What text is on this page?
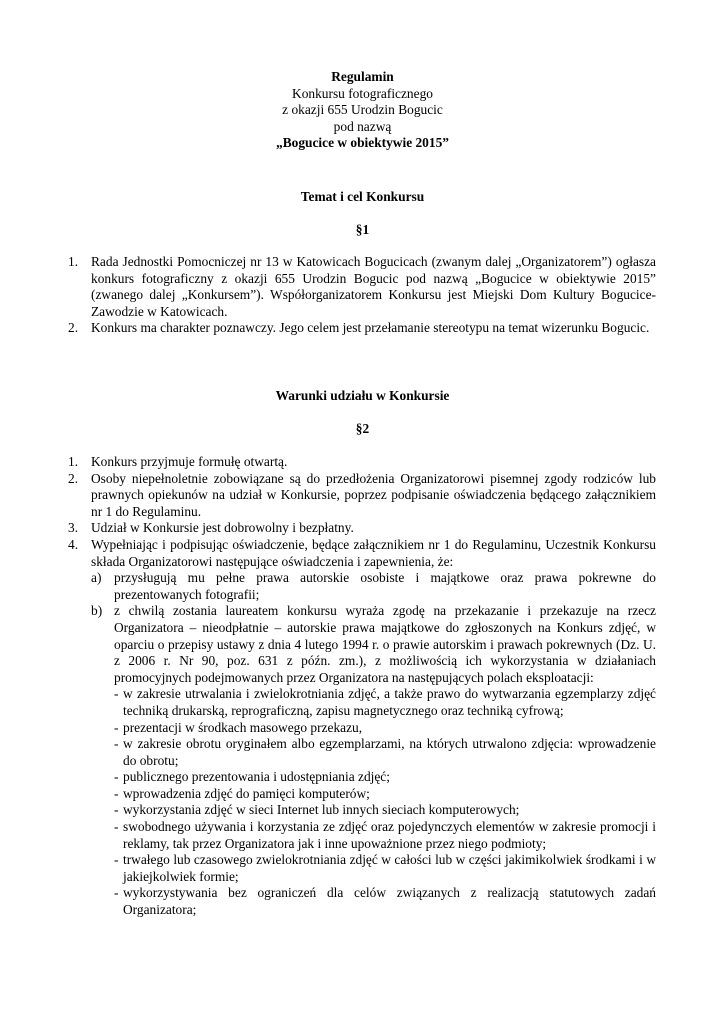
Regulamin
Konkursu fotograficznego
z okazji 655 Urodzin Bogucic
pod nazwą
„Bogucice w obiektywie 2015”
Temat i cel Konkursu
§1
1. Rada Jednostki Pomocniczej nr 13 w Katowicach Bogucicach (zwanym dalej „Organizatorem”) ogłasza konkurs fotograficzny z okazji 655 Urodzin Bogucic pod nazwą „Bogucice w obiektywie 2015” (zwanego dalej „Konkursem”). Współorganizatorem Konkursu jest Miejski Dom Kultury Bogucice-Zawodzie w Katowicach.
2. Konkurs ma charakter poznawczy. Jego celem jest przełamanie stereotypu na temat wizerunku Bogucic.
Warunki udziału w Konkursie
§2
1. Konkurs przyjmuje formułę otwartą.
2. Osoby niepełnoletnie zobowiązane są do przedłożenia Organizatorowi pisemnej zgody rodziców lub prawnych opiekunów na udział w Konkursie, poprzez podpisanie oświadczenia będącego załącznikiem nr 1 do Regulaminu.
3. Udział w Konkursie jest dobrowolny i bezpłatny.
4. Wypełniając i podpisując oświadczenie, będące załącznikiem nr 1 do Regulaminu, Uczestnik Konkursu składa Organizatorowi następujące oświadczenia i zapewnienia, że:
a) przysługują mu pełne prawa autorskie osobiste i majątkowe oraz prawa pokrewne do prezentowanych fotografii;
b) z chwilą zostania laureatem konkursu wyraża zgodę na przekazanie i przekazuje na rzecz Organizatora – nieodpłatnie – autorskie prawa majątkowe do zgłoszonych na Konkurs zdjęć, w oparciu o przepisy ustawy z dnia 4 lutego 1994 r. o prawie autorskim i prawach pokrewnych (Dz. U. z 2006 r. Nr 90, poz. 631 z późn. zm.), z możliwością ich wykorzystania w działaniach promocyjnych podejmowanych przez Organizatora na następujących polach eksploatacji:
- w zakresie utrwalania i zwielokrotniania zdjęć, a także prawo do wytwarzania egzemplarzy zdjęć techniką drukarską, reprograficzną, zapisu magnetycznego oraz techniką cyfrową;
- prezentacji w środkach masowego przekazu,
- w zakresie obrotu oryginałem albo egzemplarzami, na których utrwalono zdjęcia: wprowadzenie do obrotu;
- publicznego prezentowania i udostępniania zdjęć;
- wprowadzenia zdjęć do pamięci komputerów;
- wykorzystania zdjęć w sieci Internet lub innych sieciach komputerowych;
- swobodnego używania i korzystania ze zdjęć oraz pojedynczych elementów w zakresie promocji i reklamy, tak przez Organizatora jak i inne upoważnione przez niego podmioty;
- trwałego lub czasowego zwielokrotniania zdjęć w całości lub w części jakimikolwiek środkami i w jakiejkolwiek formie;
- wykorzystywania bez ograniczeń dla celów związanych z realizacją statutowych zadań Organizatora;
